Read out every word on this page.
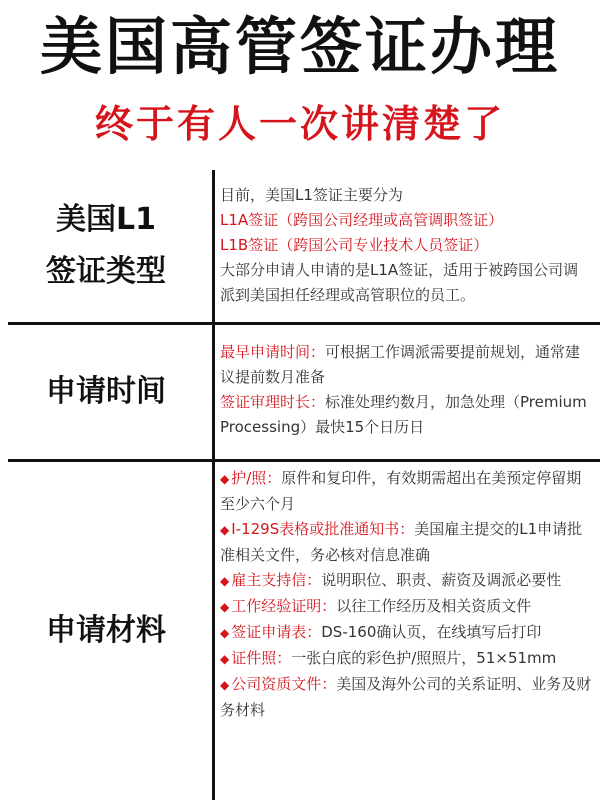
美国高管签证办理
终于有人一次讲清楚了
美国L1
签证类型
目前，美国L1签证主要分为
L1A签证（跨国公司经理或高管调职签证）
L1B签证（跨国公司专业技术人员签证）
大部分申请人申请的是L1A签证，适用于被跨国公司调派到美国担任经理或高管职位的员工。
申请时间
最早申请时间：可根据工作调派需要提前规划，通常建议提前数月准备
签证审理时长：标准处理约数月，加急处理（Premium Processing）最快15个日历日
申请材料
◆ 护/照：原件和复印件，有效期需超出在美预定停留期至少六个月
◆ I-129S表格或批准通知书：美国雇主提交的L1申请批准相关文件，务必核对信息准确
◆ 雇主支持信：说明职位、职责、薪资及调派必要性
◆ 工作经验证明：以往工作经历及相关资质文件
◆ 签证申请表：DS-160确认页，在线填写后打印
◆ 证件照：一张白底的彩色护/照照片，51×51mm
◆ 公司资质文件：美国及海外公司的关系证明、业务及财务材料
